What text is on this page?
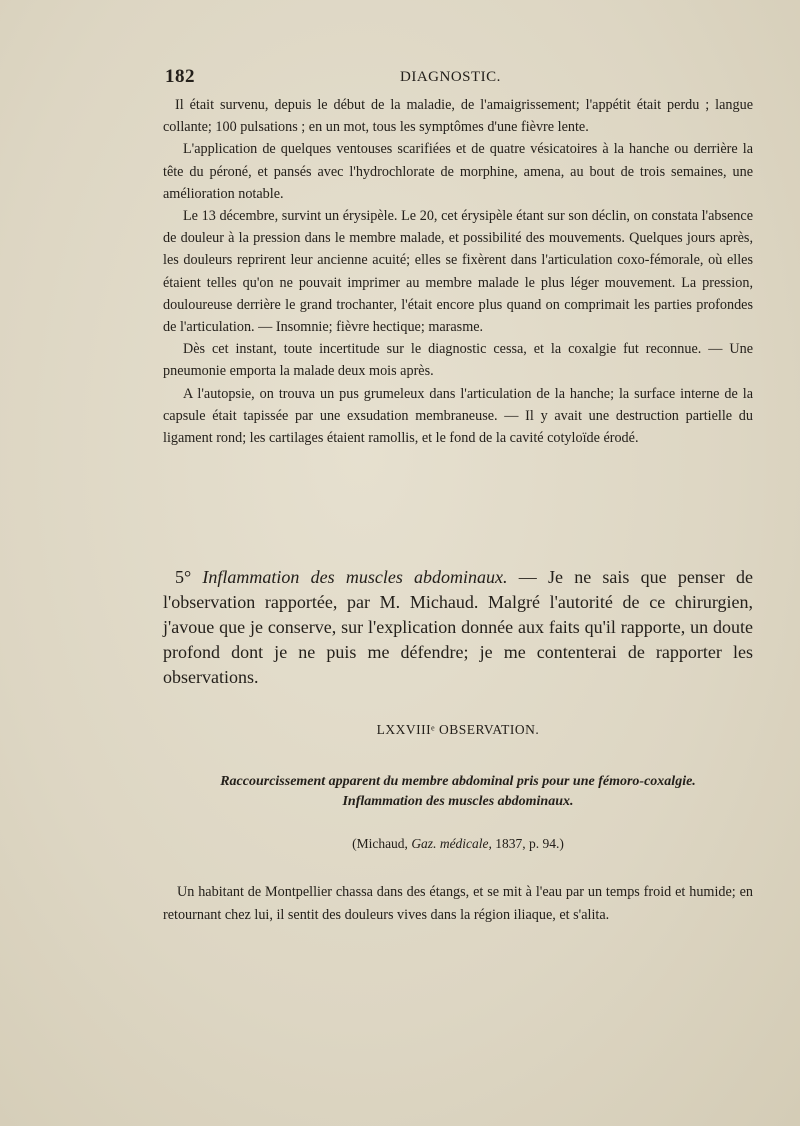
182	DIAGNOSTIC.

Il était survenu, depuis le début de la maladie, de l'amaigrissement; l'appétit était perdu ; langue collante; 100 pulsations ; en un mot, tous les symptômes d'une fièvre lente.

L'application de quelques ventouses scarifiées et de quatre vésicatoires à la hanche ou derrière la tête du péroné, et pansés avec l'hydrochlorate de morphine, amena, au bout de trois semaines, une amélioration notable.

Le 13 décembre, survint un érysipèle. Le 20, cet érysipèle étant sur son déclin, on constata l'absence de douleur à la pression dans le membre malade, et possibilité des mouvements. Quelques jours après, les douleurs reprirent leur ancienne acuité; elles se fixèrent dans l'articulation coxo-fémorale, où elles étaient telles qu'on ne pouvait imprimer au membre malade le plus léger mouvement. La pression, douloureuse derrière le grand trochanter, l'était encore plus quand on comprimait les parties profondes de l'articulation. — Insomnie; fièvre hectique; marasme.

Dès cet instant, toute incertitude sur le diagnostic cessa, et la coxalgie fut reconnue. — Une pneumonie emporta la malade deux mois après.

A l'autopsie, on trouva un pus grumeleux dans l'articulation de la hanche; la surface interne de la capsule était tapissée par une exsudation membraneuse. — Il y avait une destruction partielle du ligament rond; les cartilages étaient ramollis, et le fond de la cavité cotyloïde érodé.

5° Inflammation des muscles abdominaux. — Je ne sais que penser de l'observation rapportée, par M. Michaud. Malgré l'autorité de ce chirurgien, j'avoue que je conserve, sur l'explication donnée aux faits qu'il rapporte, un doute profond dont je ne puis me défendre; je me contenterai de rapporter les observations.

LXXVIIIᵉ OBSERVATION.
Raccourcissement apparent du membre abdominal pris pour une fémoro-coxalgie.
Inflammation des muscles abdominaux.
(Michaud, Gaz. médicale, 1837, p. 94.)

Un habitant de Montpellier chassa dans des étangs, et se mit à l'eau par un temps froid et humide; en retournant chez lui, il sentit des douleurs vives dans la région iliaque, et s'alita.
